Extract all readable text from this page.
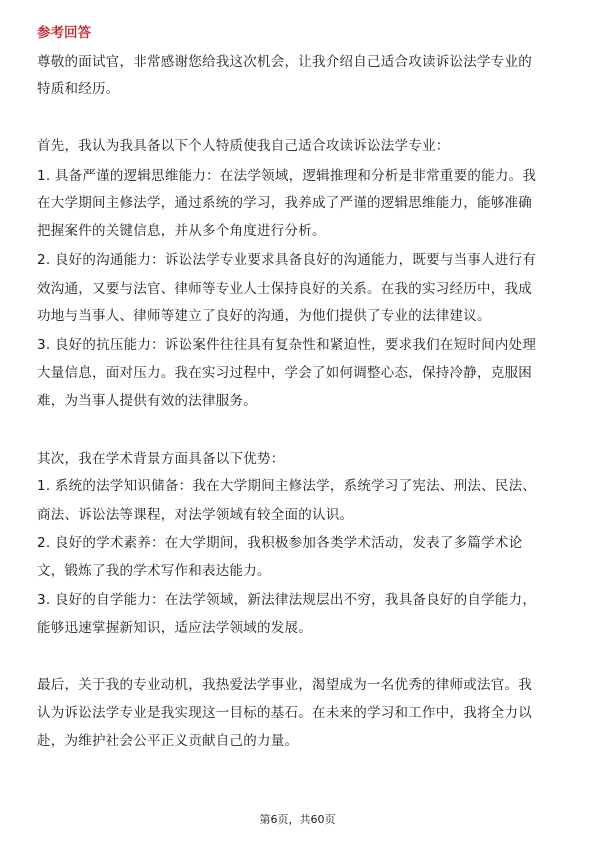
参考回答
尊敬的面试官，非常感谢您给我这次机会，让我介绍自己适合攻读诉讼法学专业的
特质和经历。
首先，我认为我具备以下个人特质使我自己适合攻读诉讼法学专业：
1. 具备严谨的逻辑思维能力：在法学领域，逻辑推理和分析是非常重要的能力。我
在大学期间主修法学，通过系统的学习，我养成了严谨的逻辑思维能力，能够准确
把握案件的关键信息，并从多个角度进行分析。
2. 良好的沟通能力：诉讼法学专业要求具备良好的沟通能力，既要与当事人进行有
效沟通，又要与法官、律师等专业人士保持良好的关系。在我的实习经历中，我成
功地与当事人、律师等建立了良好的沟通，为他们提供了专业的法律建议。
3. 良好的抗压能力：诉讼案件往往具有复杂性和紧迫性，要求我们在短时间内处理
大量信息，面对压力。我在实习过程中，学会了如何调整心态，保持冷静，克服困
难，为当事人提供有效的法律服务。
其次，我在学术背景方面具备以下优势：
1. 系统的法学知识储备：我在大学期间主修法学，系统学习了宪法、刑法、民法、
商法、诉讼法等课程，对法学领域有较全面的认识。
2. 良好的学术素养：在大学期间，我积极参加各类学术活动，发表了多篇学术论
文，锻炼了我的学术写作和表达能力。
3. 良好的自学能力：在法学领域，新法律法规层出不穷，我具备良好的自学能力，
能够迅速掌握新知识，适应法学领域的发展。
最后，关于我的专业动机，我热爱法学事业，渴望成为一名优秀的律师或法官。我
认为诉讼法学专业是我实现这一目标的基石。在未来的学习和工作中，我将全力以
赴，为维护社会公平正义贡献自己的力量。
第6页，共60页
